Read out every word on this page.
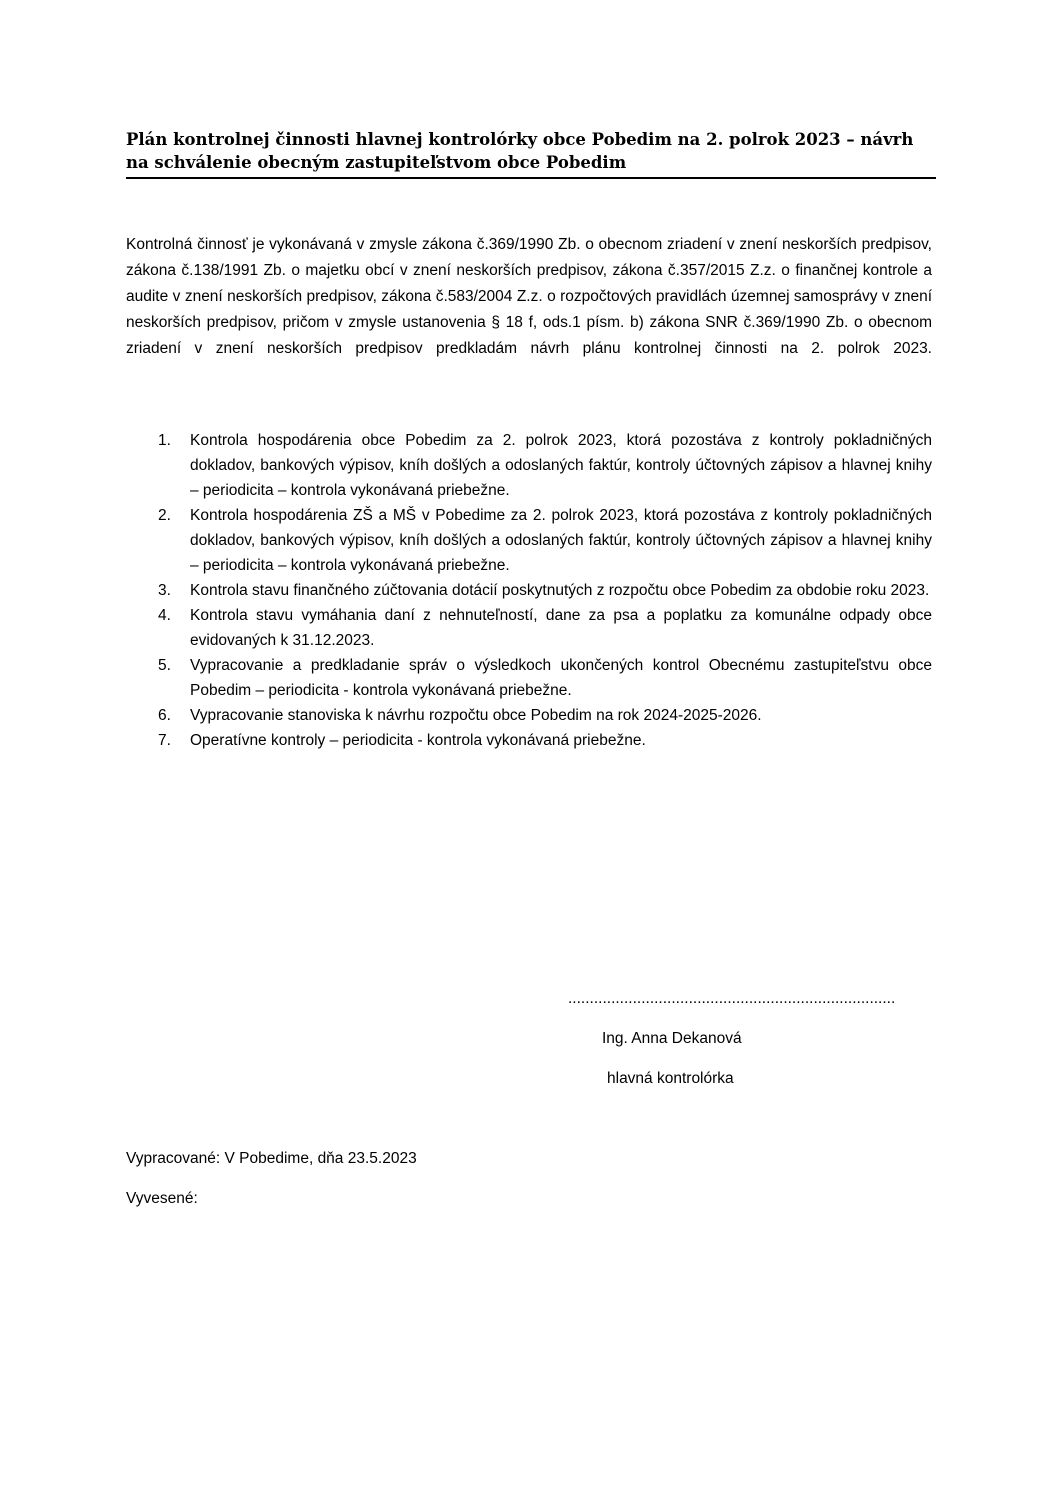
Plán kontrolnej činnosti hlavnej kontrolórky obce Pobedim na 2. polrok 2023 – návrh
na schválenie obecným zastupiteľstvom obce Pobedim
Kontrolná činnosť je vykonávaná v zmysle zákona č.369/1990 Zb. o obecnom zriadení v znení neskorších predpisov, zákona č.138/1991 Zb. o majetku obcí v znení neskorších predpisov, zákona č.357/2015 Z.z. o finančnej kontrole a audite v znení neskorších predpisov, zákona č.583/2004 Z.z. o rozpočtových pravidlách územnej samosprávy v znení neskorších predpisov, pričom v zmysle ustanovenia § 18 f, ods.1 písm. b) zákona SNR č.369/1990 Zb. o obecnom zriadení v znení neskorších predpisov predkladám návrh plánu kontrolnej činnosti na 2. polrok 2023.
1. Kontrola hospodárenia obce Pobedim za 2. polrok 2023, ktorá pozostáva z kontroly pokladničných dokladov, bankových výpisov, kníh došlých a odoslaných faktúr, kontroly účtovných zápisov a hlavnej knihy – periodicita – kontrola vykonávaná priebežne.
2. Kontrola hospodárenia ZŠ a MŠ v Pobedime za 2. polrok 2023, ktorá pozostáva z kontroly pokladničných dokladov, bankových výpisov, kníh došlých a odoslaných faktúr, kontroly účtovných zápisov a hlavnej knihy – periodicita – kontrola vykonávaná priebežne.
3. Kontrola stavu finančného zúčtovania dotácií poskytnutých z rozpočtu obce Pobedim za obdobie roku 2023.
4. Kontrola stavu vymáhania daní z nehnuteľností, dane za psa a poplatku za komunálne odpady obce evidovaných k 31.12.2023.
5. Vypracovanie a predkladanie správ o výsledkoch ukončených kontrol Obecnému zastupiteľstvu obce Pobedim – periodicita - kontrola vykonávaná priebežne.
6. Vypracovanie stanoviska k návrhu rozpočtu obce Pobedim na rok 2024-2025-2026.
7. Operatívne kontroly – periodicita - kontrola vykonávaná priebežne.
............................................................................
Ing. Anna Dekanová
hlavná kontrolórka
Vypracované: V Pobedime, dňa 23.5.2023
Vyvesené:
